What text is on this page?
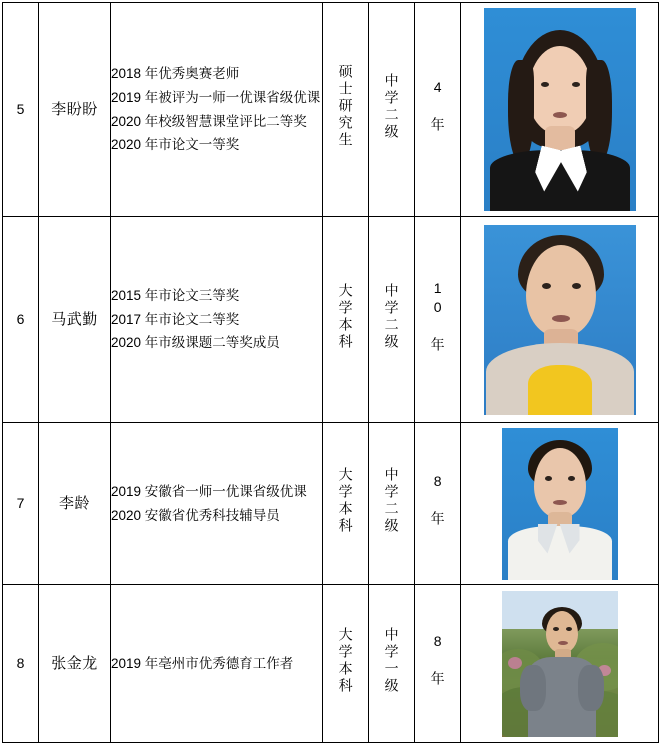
5	李盼盼	2018 年优秀奥赛老师
2019 年被评为一师一优课省级优课
2020 年校级智慧课堂评比二等奖
2020 年市论文一等奖	硕士研究生	中学二级	4 年	

6	马武勤	2015 年市论文三等奖
2017 年市论文二等奖
2020 年市级课题二等奖成员	大学本科	中学二级	10 年	

7	李龄	2019 安徽省一师一优课省级优课
2020 安徽省优秀科技辅导员	大学本科	中学二级	8 年	

8	张金龙	2019 年亳州市优秀德育工作者	大学本科	中学一级	8 年	
